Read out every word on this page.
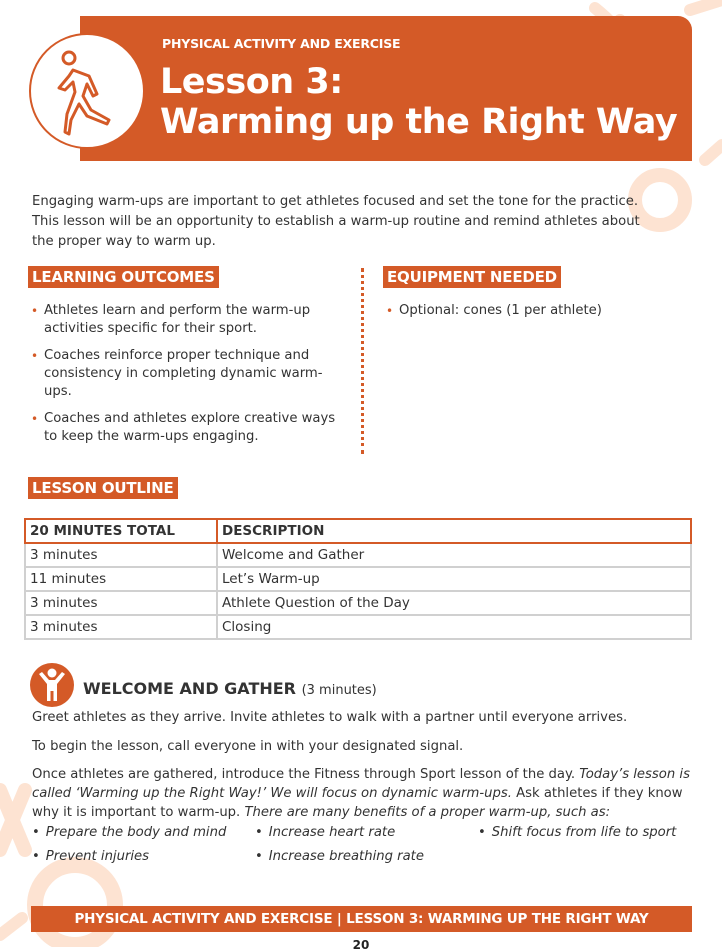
PHYSICAL ACTIVITY AND EXERCISE
Lesson 3:
Warming up the Right Way
Engaging warm-ups are important to get athletes focused and set the tone for the practice. This lesson will be an opportunity to establish a warm-up routine and remind athletes about the proper way to warm up.
LEARNING OUTCOMES
• Athletes learn and perform the warm-up activities specific for their sport.
• Coaches reinforce proper technique and consistency in completing dynamic warm-ups.
• Coaches and athletes explore creative ways to keep the warm-ups engaging.
EQUIPMENT NEEDED
• Optional: cones (1 per athlete)
LESSON OUTLINE
20 MINUTES TOTAL	DESCRIPTION
3 minutes	Welcome and Gather
11 minutes	Let’s Warm-up
3 minutes	Athlete Question of the Day
3 minutes	Closing
WELCOME AND GATHER (3 minutes)
Greet athletes as they arrive. Invite athletes to walk with a partner until everyone arrives.
To begin the lesson, call everyone in with your designated signal.
Once athletes are gathered, introduce the Fitness through Sport lesson of the day. Today’s lesson is called ‘Warming up the Right Way!’ We will focus on dynamic warm-ups. Ask athletes if they know why it is important to warm-up. There are many benefits of a proper warm-up, such as:
• Prepare the body and mind • Increase heart rate	• Shift focus from life to sport
• Prevent injuries	• Increase breathing rate
PHYSICAL ACTIVITY AND EXERCISE | LESSON 3: WARMING UP THE RIGHT WAY
20
